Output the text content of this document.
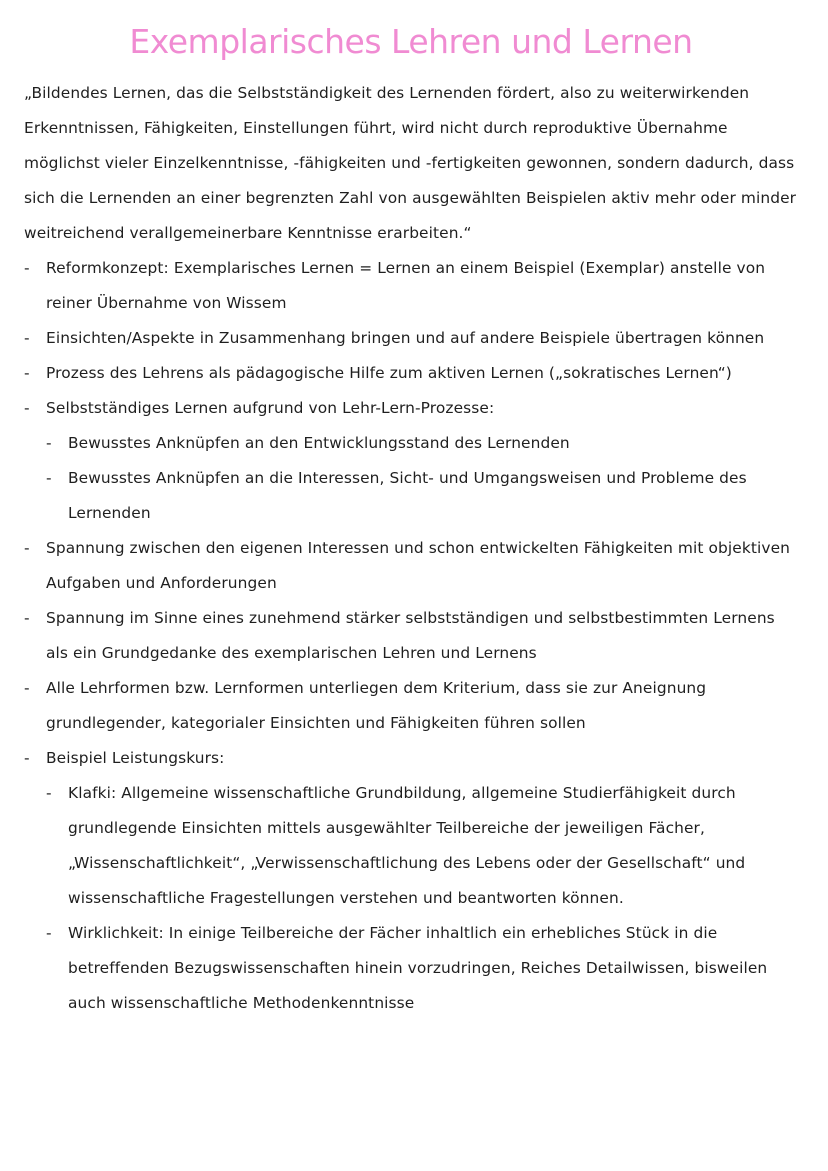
Exemplarisches Lehren und Lernen

„Bildendes Lernen, das die Selbstständigkeit des Lernenden fördert, also zu weiterwirkenden Erkenntnissen, Fähigkeiten, Einstellungen führt, wird nicht durch reproduktive Übernahme möglichst vieler Einzelkenntnisse, -fähigkeiten und -fertigkeiten gewonnen, sondern dadurch, dass sich die Lernenden an einer begrenzten Zahl von ausgewählten Beispielen aktiv mehr oder minder weitreichend verallgemeinerbare Kenntnisse erarbeiten.“

- Reformkonzept: Exemplarisches Lernen = Lernen an einem Beispiel (Exemplar) anstelle von reiner Übernahme von Wissem
- Einsichten/Aspekte in Zusammenhang bringen und auf andere Beispiele übertragen können
- Prozess des Lehrens als pädagogische Hilfe zum aktiven Lernen („sokratisches Lernen“)
- Selbstständiges Lernen aufgrund von Lehr-Lern-Prozesse:
- Bewusstes Anknüpfen an den Entwicklungsstand des Lernenden
- Bewusstes Anknüpfen an die Interessen, Sicht- und Umgangsweisen und Probleme des Lernenden
- Spannung zwischen den eigenen Interessen und schon entwickelten Fähigkeiten mit objektiven Aufgaben und Anforderungen
- Spannung im Sinne eines zunehmend stärker selbstständigen und selbstbestimmten Lernens als ein Grundgedanke des exemplarischen Lehren und Lernens
- Alle Lehrformen bzw. Lernformen unterliegen dem Kriterium, dass sie zur Aneignung grundlegender, kategorialer Einsichten und Fähigkeiten führen sollen
- Beispiel Leistungskurs:
- Klafki: Allgemeine wissenschaftliche Grundbildung, allgemeine Studierfähigkeit durch grundlegende Einsichten mittels ausgewählter Teilbereiche der jeweiligen Fächer, „Wissenschaftlichkeit“, „Verwissenschaftlichung des Lebens oder der Gesellschaft“ und wissenschaftliche Fragestellungen verstehen und beantworten können.
- Wirklichkeit: In einige Teilbereiche der Fächer inhaltlich ein erhebliches Stück in die betreffenden Bezugswissenschaften hinein vorzudringen, Reiches Detailwissen, bisweilen auch wissenschaftliche Methodenkenntnisse
